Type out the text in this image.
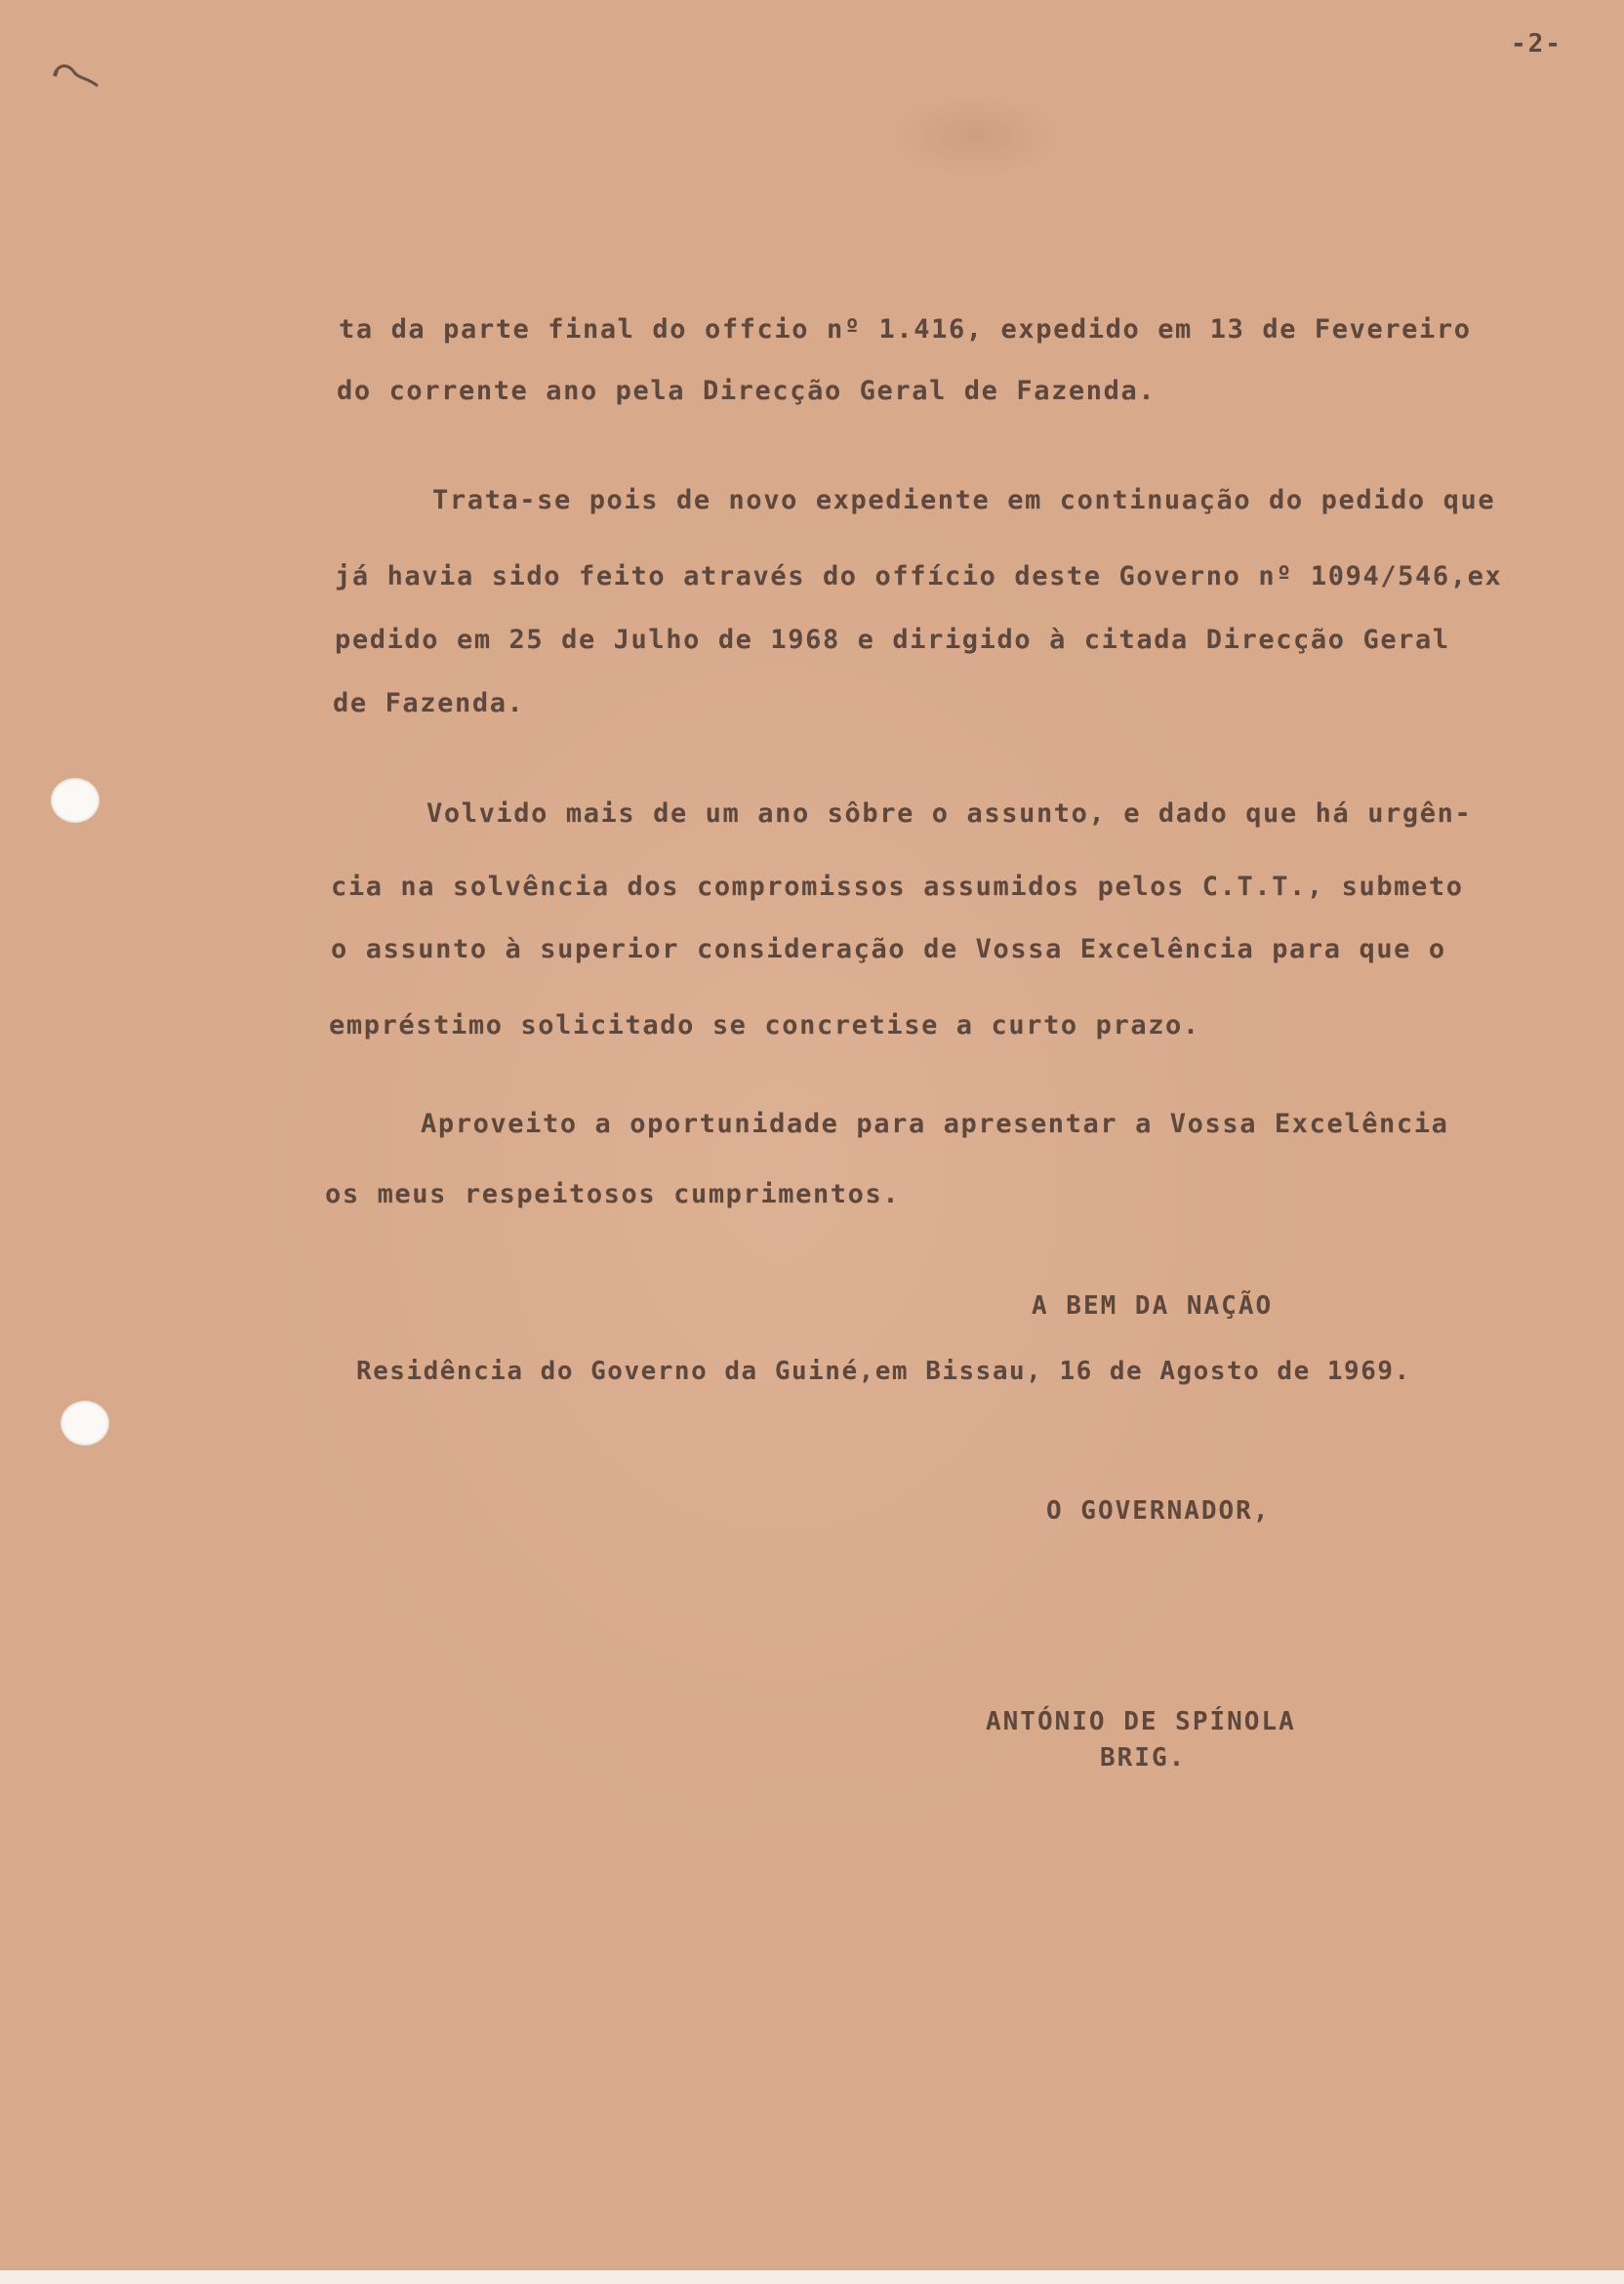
-2-
ta da parte final do offcio nº 1.416, expedido em 13 de Fevereiro
do corrente ano pela Direcção Geral de Fazenda.
Trata-se pois de novo expediente em continuação do pedido que
já havia sido feito através do offício deste Governo nº 1094/546,ex
pedido em 25 de Julho de 1968 e dirigido à citada Direcção Geral
de Fazenda.
Volvido mais de um ano sôbre o assunto, e dado que há urgên-
cia na solvência dos compromissos assumidos pelos C.T.T., submeto
o assunto à superior consideração de Vossa Excelência para que o
empréstimo solicitado se concretise a curto prazo.
Aproveito a oportunidade para apresentar a Vossa Excelência
os meus respeitosos cumprimentos.
A BEM DA NAÇÃO
Residência do Governo da Guiné,em Bissau, 16 de Agosto de 1969.
O GOVERNADOR,
ANTÓNIO DE SPÍNOLA
BRIG.
